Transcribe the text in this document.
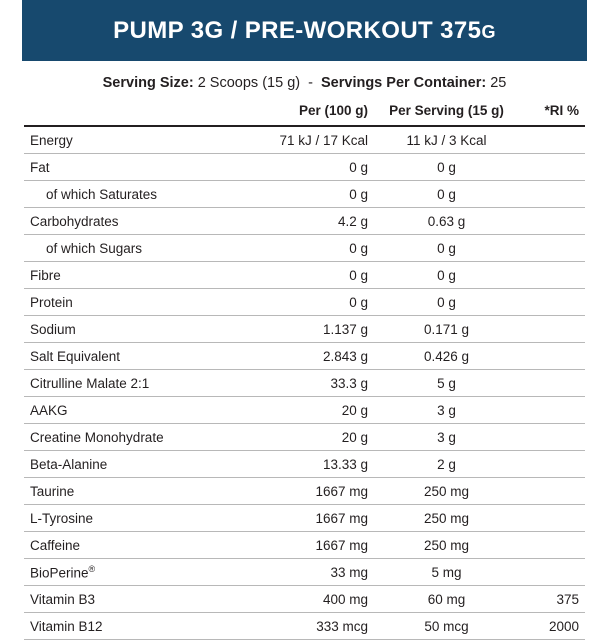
PUMP 3G / PRE-WORKOUT 375G
Serving Size: 2 Scoops (15 g) - Servings Per Container: 25
	Per (100 g)	Per Serving (15 g)	*RI %
Energy	71 kJ / 17 Kcal	11 kJ / 3 Kcal	
Fat	0 g	0 g	
of which Saturates	0 g	0 g	
Carbohydrates	4.2 g	0.63 g	
of which Sugars	0 g	0 g	
Fibre	0 g	0 g	
Protein	0 g	0 g	
Sodium	1.137 g	0.171 g	
Salt Equivalent	2.843 g	0.426 g	
Citrulline Malate 2:1	33.3 g	5 g	
AAKG	20 g	3 g	
Creatine Monohydrate	20 g	3 g	
Beta-Alanine	13.33 g	2 g	
Taurine	1667 mg	250 mg	
L-Tyrosine	1667 mg	250 mg	
Caffeine	1667 mg	250 mg	
BioPerine®	33 mg	5 mg	
Vitamin B3	400 mg	60 mg	375
Vitamin B12	333 mcg	50 mcg	2000
